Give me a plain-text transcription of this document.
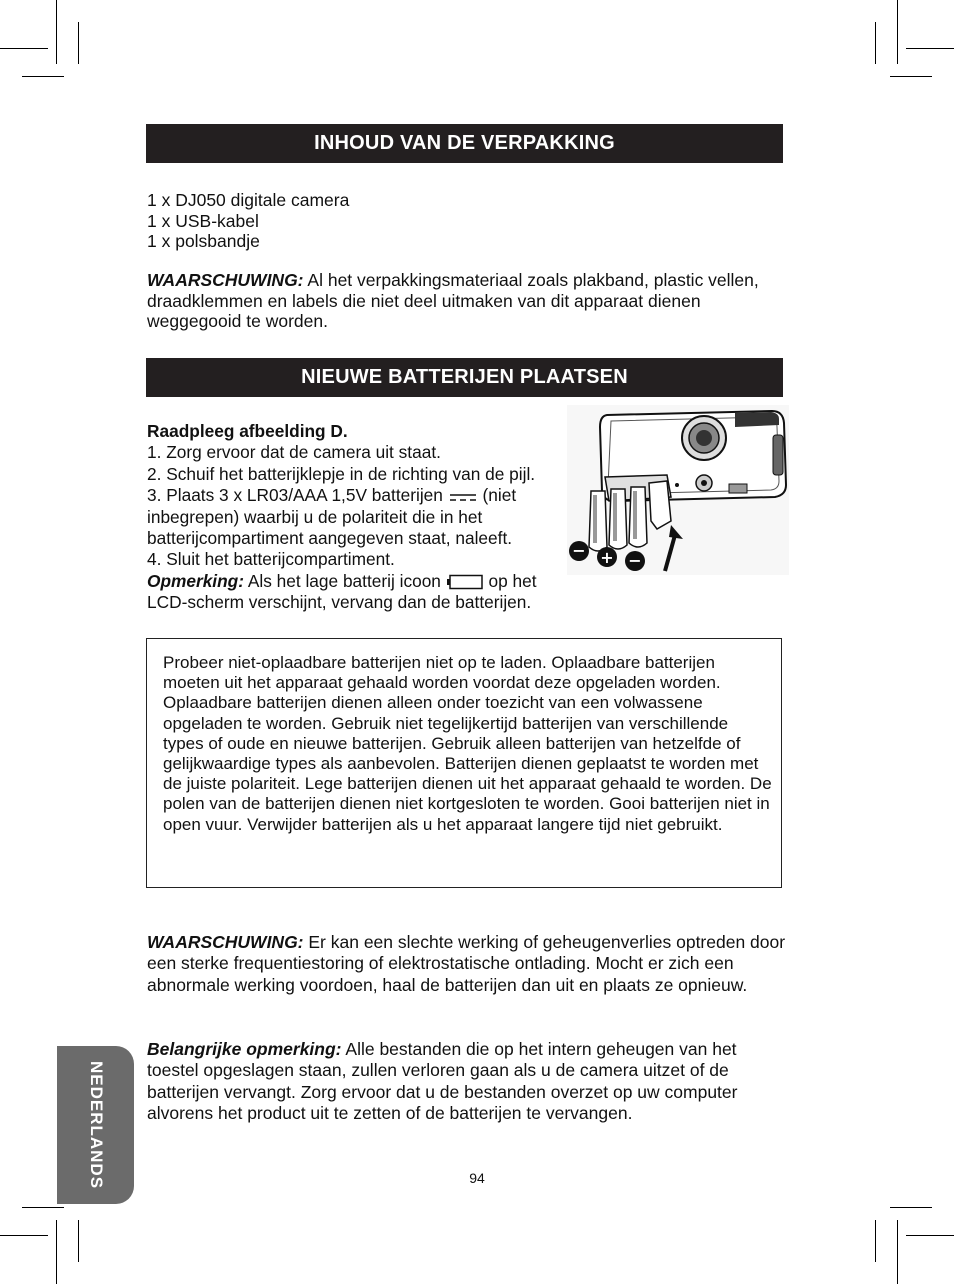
INHOUD VAN DE VERPAKKING

1 x DJ050 digitale camera

1 x USB-kabel

1 x polsbandje

WAARSCHUWING: Al het verpakkingsmateriaal zoals plakband, plastic vellen, draadklemmen en labels die niet deel uitmaken van dit apparaat dienen weggegooid te worden.

NIEUWE BATTERIJEN PLAATSEN

Raadpleeg afbeelding D.

1. Zorg ervoor dat de camera uit staat.

2. Schuif het batterijklepje in de richting van de pijl.

3. Plaats 3 x LR03/AAA 1,5V batterijen  (niet inbegrepen) waarbij u de polariteit die in het batterijcompartiment aangegeven staat, naleeft.

4. Sluit het batterijcompartiment.

Opmerking: Als het lage batterij icoon  op het LCD-scherm verschijnt, vervang dan de batterijen.

− + −

Probeer niet-oplaadbare batterijen niet op te laden. Oplaadbare batterijen moeten uit het apparaat gehaald worden voordat deze opgeladen worden. Oplaadbare batterijen dienen alleen onder toezicht van een volwassene opgeladen te worden. Gebruik niet tegelijkertijd batterijen van verschillende types of oude en nieuwe batterijen. Gebruik alleen batterijen van hetzelfde of gelijkwaardige types als aanbevolen. Batterijen dienen geplaatst te worden met de juiste polariteit. Lege batterijen dienen uit het apparaat gehaald te worden. De polen van de batterijen dienen niet kortgesloten te worden. Gooi batterijen niet in open vuur. Verwijder batterijen als u het apparaat langere tijd niet gebruikt.

WAARSCHUWING: Er kan een slechte werking of geheugenverlies optreden door een sterke frequentiestoring of elektrostatische ontlading. Mocht er zich een abnormale werking voordoen, haal de batterijen dan uit en plaats ze opnieuw.

Belangrijke opmerking: Alle bestanden die op het intern geheugen van het toestel opgeslagen staan, zullen verloren gaan als u de camera uitzet of de batterijen vervangt. Zorg ervoor dat u de bestanden overzet op uw computer alvorens het product uit te zetten of de batterijen te vervangen.

NEDERLANDS	94
